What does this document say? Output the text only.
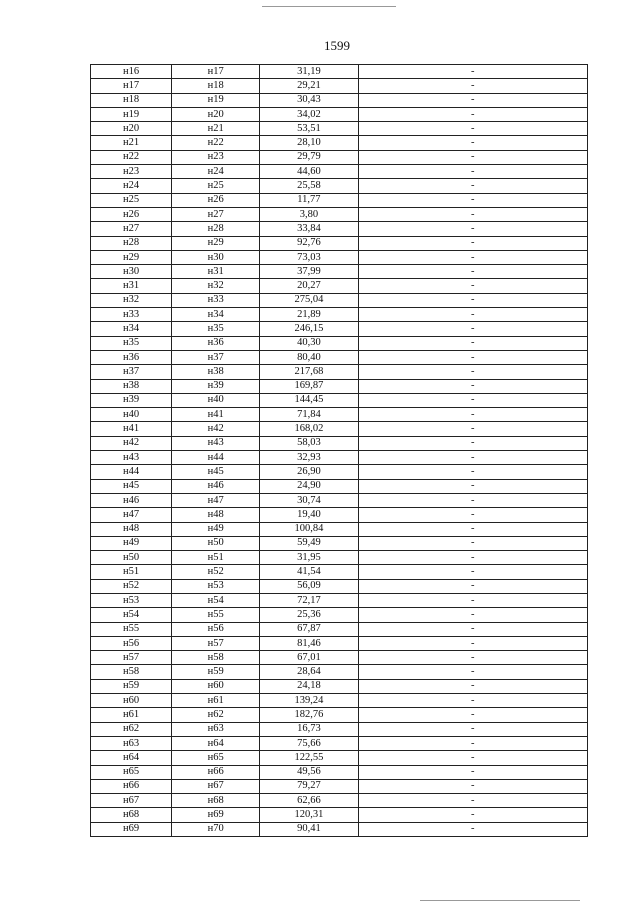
1599
н16	н17	31,19	-
н17	н18	29,21	-
н18	н19	30,43	-
н19	н20	34,02	-
н20	н21	53,51	-
н21	н22	28,10	-
н22	н23	29,79	-
н23	н24	44,60	-
н24	н25	25,58	-
н25	н26	11,77	-
н26	н27	3,80	-
н27	н28	33,84	-
н28	н29	92,76	-
н29	н30	73,03	-
н30	н31	37,99	-
н31	н32	20,27	-
н32	н33	275,04	-
н33	н34	21,89	-
н34	н35	246,15	-
н35	н36	40,30	-
н36	н37	80,40	-
н37	н38	217,68	-
н38	н39	169,87	-
н39	н40	144,45	-
н40	н41	71,84	-
н41	н42	168,02	-
н42	н43	58,03	-
н43	н44	32,93	-
н44	н45	26,90	-
н45	н46	24,90	-
н46	н47	30,74	-
н47	н48	19,40	-
н48	н49	100,84	-
н49	н50	59,49	-
н50	н51	31,95	-
н51	н52	41,54	-
н52	н53	56,09	-
н53	н54	72,17	-
н54	н55	25,36	-
н55	н56	67,87	-
н56	н57	81,46	-
н57	н58	67,01	-
н58	н59	28,64	-
н59	н60	24,18	-
н60	н61	139,24	-
н61	н62	182,76	-
н62	н63	16,73	-
н63	н64	75,66	-
н64	н65	122,55	-
н65	н66	49,56	-
н66	н67	79,27	-
н67	н68	62,66	-
н68	н69	120,31	-
н69	н70	90,41	-
